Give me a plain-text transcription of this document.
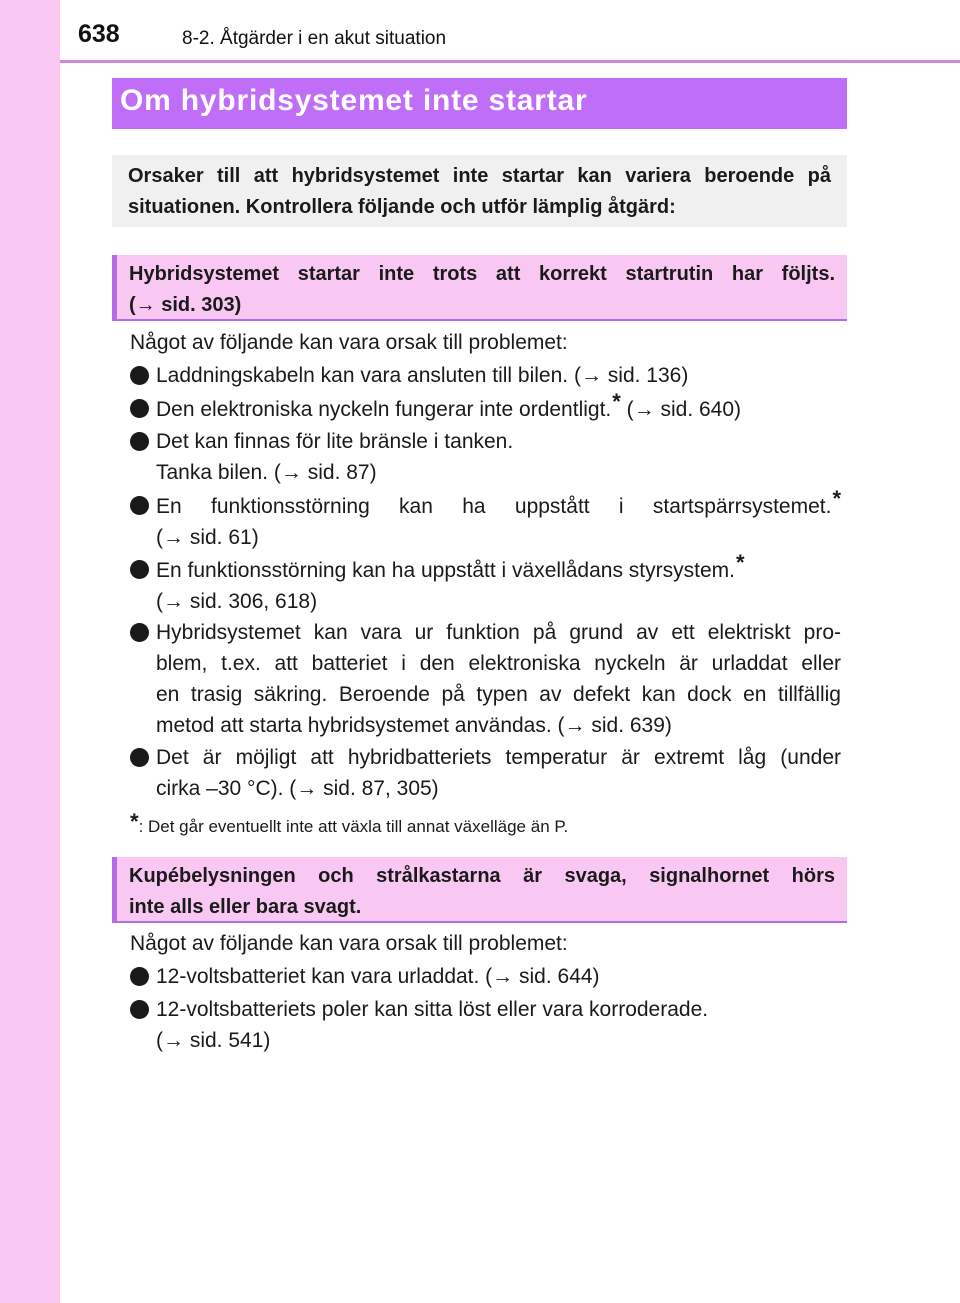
638	8-2. Åtgärder i en akut situation
Om hybridsystemet inte startar
Orsaker till att hybridsystemet inte startar kan variera beroende på situationen. Kontrollera följande och utför lämplig åtgärd:
Hybridsystemet startar inte trots att korrekt startrutin har följts.
(→ sid. 303)
Något av följande kan vara orsak till problemet:
Laddningskabeln kan vara ansluten till bilen. (→ sid. 136)
Den elektroniska nyckeln fungerar inte ordentligt.* (→ sid. 640)
Det kan finnas för lite bränsle i tanken.
Tanka bilen. (→ sid. 87)
En funktionsstörning kan ha uppstått i startspärrsystemet.*
(→ sid. 61)
En funktionsstörning kan ha uppstått i växellådans styrsystem.*
(→ sid. 306, 618)
Hybridsystemet kan vara ur funktion på grund av ett elektriskt pro-
blem, t.ex. att batteriet i den elektroniska nyckeln är urladdat eller
en trasig säkring. Beroende på typen av defekt kan dock en tillfällig
metod att starta hybridsystemet användas. (→ sid. 639)
Det är möjligt att hybridbatteriets temperatur är extremt låg (under
cirka –30 °C). (→ sid. 87, 305)
*: Det går eventuellt inte att växla till annat växelläge än P.
Kupébelysningen och strålkastarna är svaga, signalhornet hörs
inte alls eller bara svagt.
Något av följande kan vara orsak till problemet:
12-voltsbatteriet kan vara urladdat. (→ sid. 644)
12-voltsbatteriets poler kan sitta löst eller vara korroderade.
(→ sid. 541)
